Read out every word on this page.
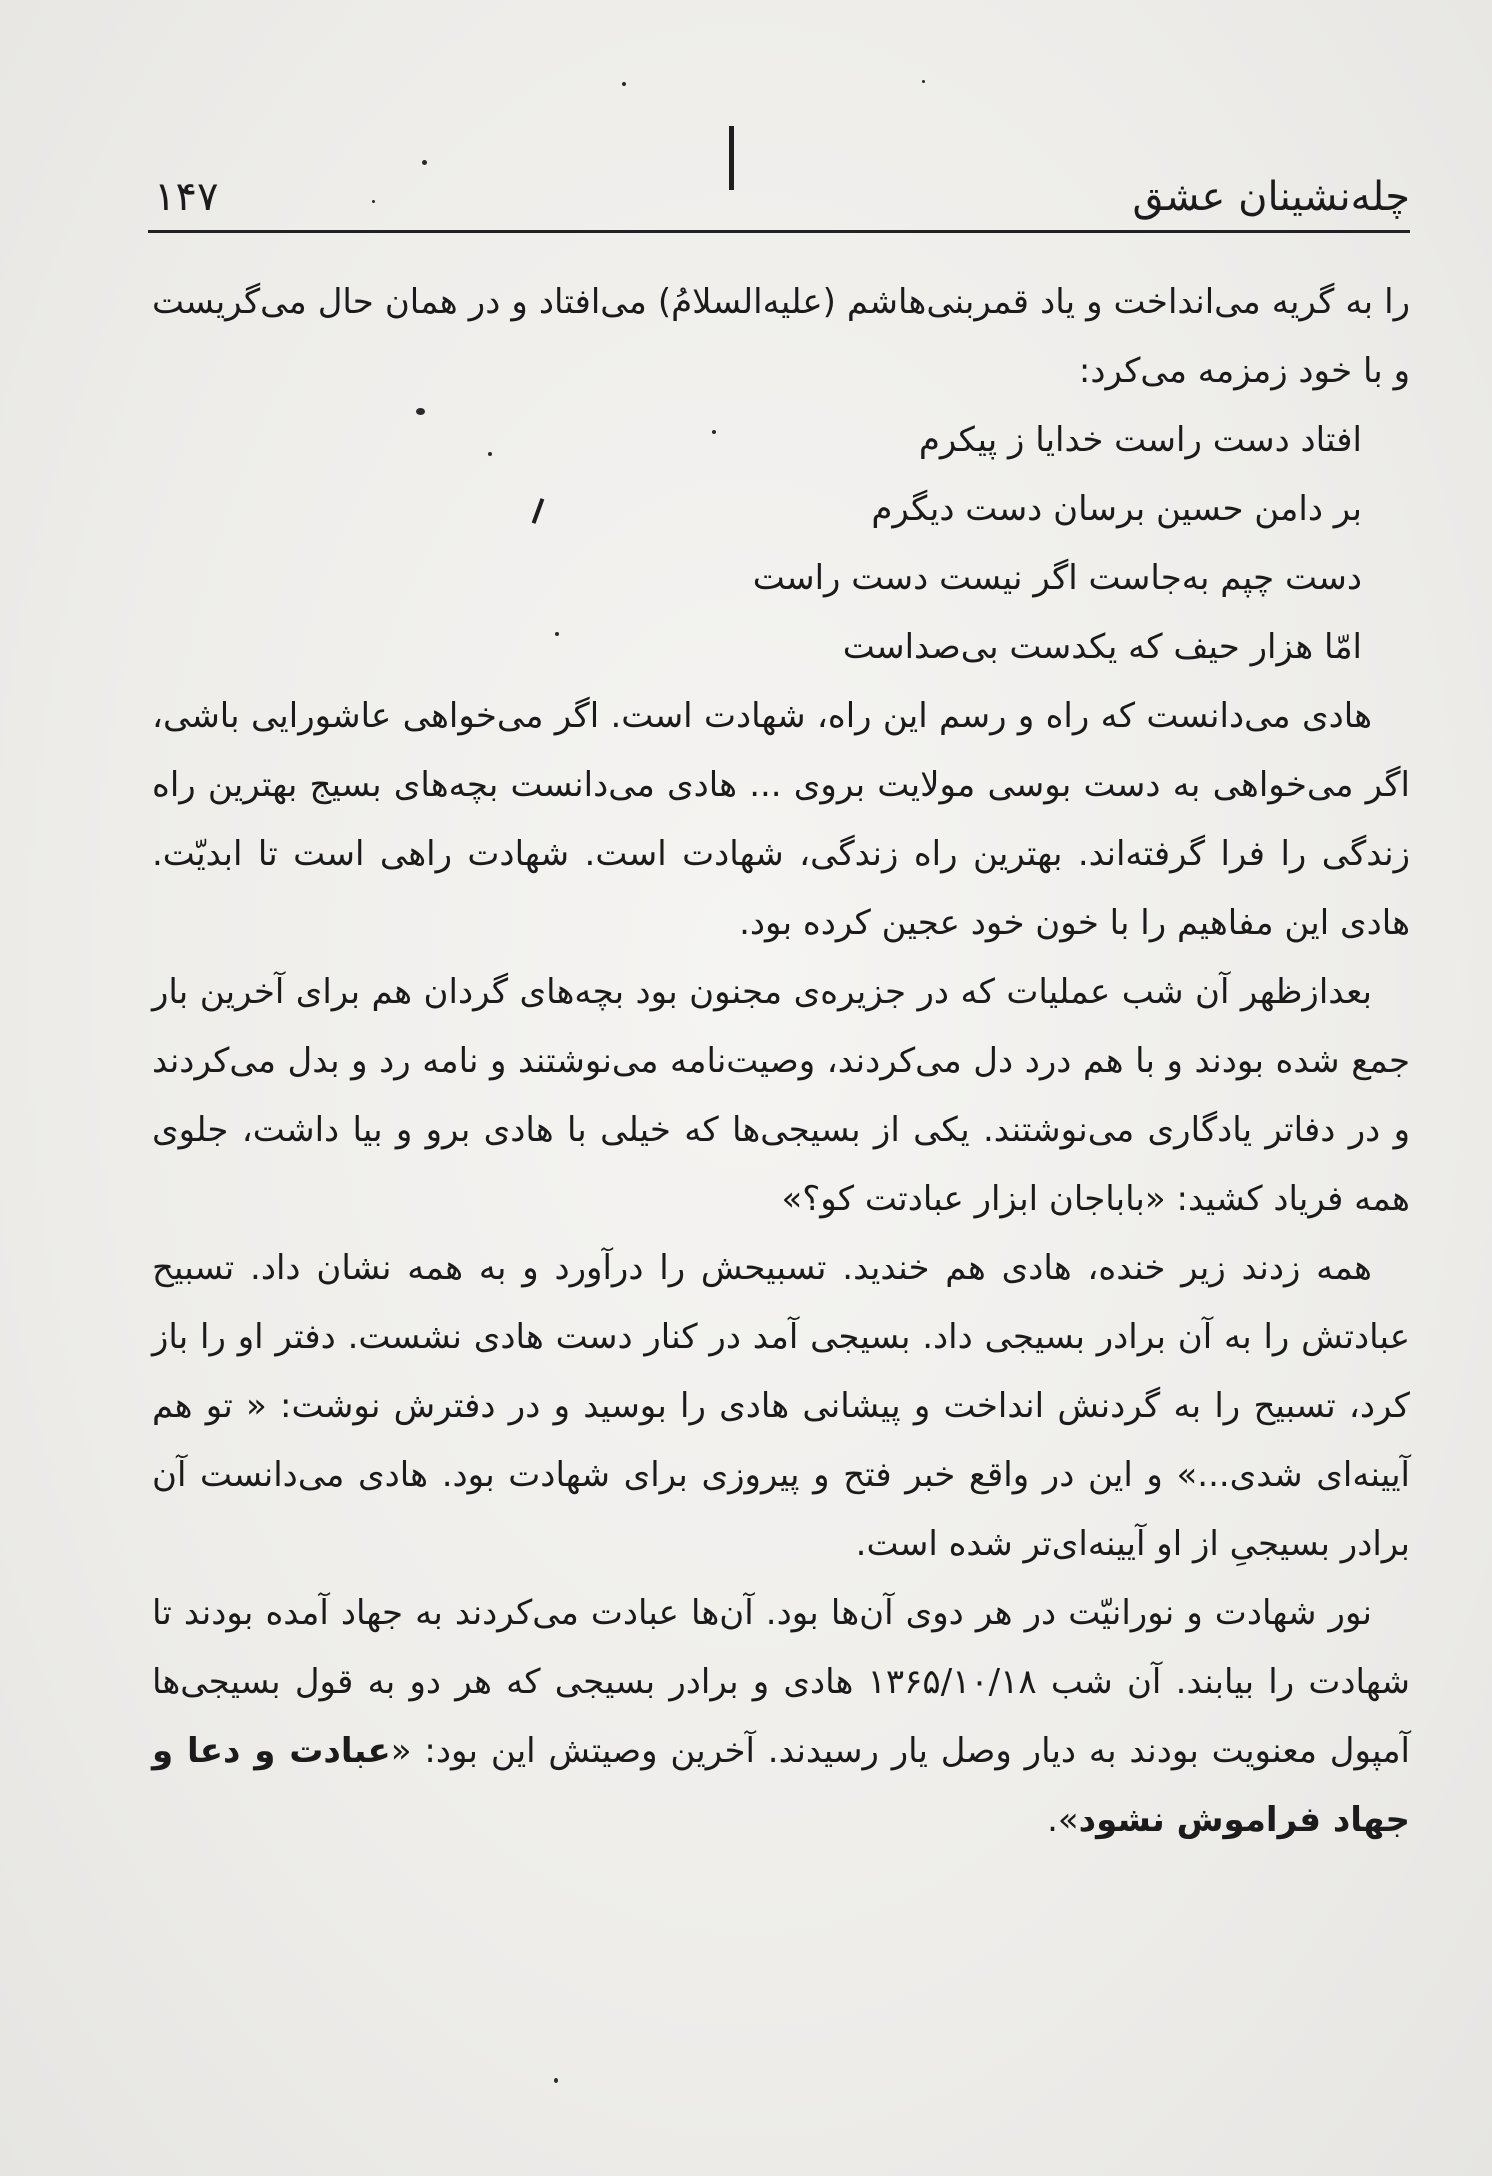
چله‌نشینان عشق
۱۴۷

را به گریه می‌انداخت و یاد قمربنی‌هاشم (علیه‌السلامُ) می‌افتاد و در همان حال می‌گریست و با خود زمزمه می‌کرد:

افتاد دست راست خدایا ز پیکرم
بر دامن حسین برسان دست دیگرم
دست چپم به‌جاست اگر نیست دست راست
امّا هزار حیف که یکدست بی‌صداست

هادی می‌دانست که راه و رسم این راه، شهادت است. اگر می‌خواهی عاشورایی باشی، اگر می‌خواهی به دست بوسی مولایت بروی ... هادی می‌دانست بچه‌های بسیج بهترین راه زندگی را فرا گرفته‌اند. بهترین راه زندگی، شهادت است. شهادت راهی است تا ابدیّت. هادی این مفاهیم را با خون خود عجین کرده بود.

بعدازظهر آن شب عملیات که در جزیره‌ی مجنون بود بچه‌های گردان هم برای آخرین بار جمع شده بودند و با هم درد دل می‌کردند، وصیت‌نامه می‌نوشتند و نامه رد و بدل می‌کردند و در دفاتر یادگاری می‌نوشتند. یکی از بسیجی‌ها که خیلی با هادی برو و بیا داشت، جلوی همه فریاد کشید: «باباجان ابزار عبادتت کو؟»

همه زدند زیر خنده، هادی هم خندید. تسبیحش را درآورد و به همه نشان داد. تسبیح عبادتش را به آن برادر بسیجی داد. بسیجی آمد در کنار دست هادی نشست. دفتر او را باز کرد، تسبیح را به گردنش انداخت و پیشانی هادی را بوسید و در دفترش نوشت: « تو هم آیینه‌ای شدی...» و این در واقع خبر فتح و پیروزی برای شهادت بود. هادی می‌دانست آن برادر بسیجیِ از او آیینه‌ای‌تر شده است.

نور شهادت و نورانیّت در هر دوی آن‌ها بود. آن‌ها عبادت می‌کردند به جهاد آمده بودند تا شهادت را بیابند. آن شب ۱۳۶۵/۱۰/۱۸ هادی و برادر بسیجی که هر دو به قول بسیجی‌ها آمپول معنویت بودند به دیار وصل یار رسیدند. آخرین وصیتش این بود: «عبادت و دعا و جهاد فراموش نشود».
